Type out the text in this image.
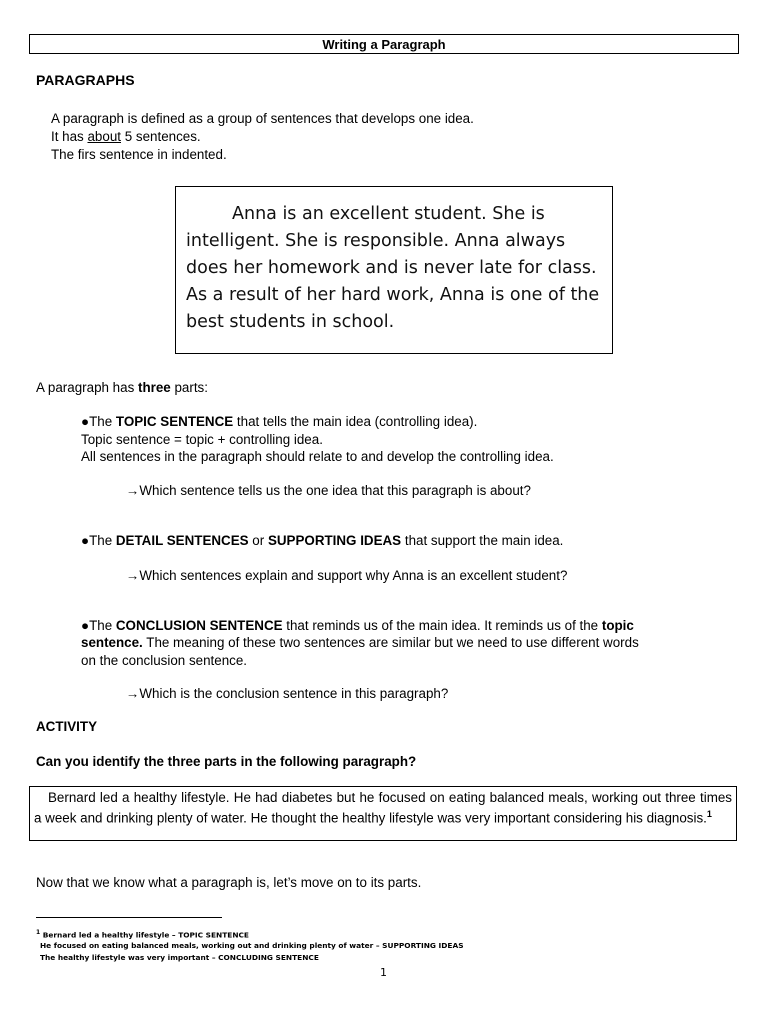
Writing a Paragraph
PARAGRAPHS
A paragraph is defined as a group of sentences that develops one idea.
It has about 5 sentences.
The firs sentence in indented.
Anna is an excellent student. She is intelligent. She is responsible. Anna always does her homework and is never late for class. As a result of her hard work, Anna is one of the best students in school.
A paragraph has three parts:
●The TOPIC SENTENCE that tells the main idea (controlling idea).
Topic sentence = topic + controlling idea.
All sentences in the paragraph should relate to and develop the controlling idea.
→Which sentence tells us the one idea that this paragraph is about?
●The DETAIL SENTENCES or SUPPORTING IDEAS that support the main idea.
→Which sentences explain and support why Anna is an excellent student?
●The CONCLUSION SENTENCE that reminds us of the main idea. It reminds us of the topic
sentence. The meaning of these two sentences are similar but we need to use different words
on the conclusion sentence.
→Which is the conclusion sentence in this paragraph?
ACTIVITY
Can you identify the three parts in the following paragraph?
Bernard led a healthy lifestyle. He had diabetes but he focused on eating balanced meals, working out three times a week and drinking plenty of water. He thought the healthy lifestyle was very important considering his diagnosis.$^1$
Now that we know what a paragraph is, let’s move on to its parts.
$^1$ Bernard led a healthy lifestyle – TOPIC SENTENCE
He focused on eating balanced meals, working out and drinking plenty of water – SUPPORTING IDEAS
The healthy lifestyle was very important – CONCLUDING SENTENCE
1
